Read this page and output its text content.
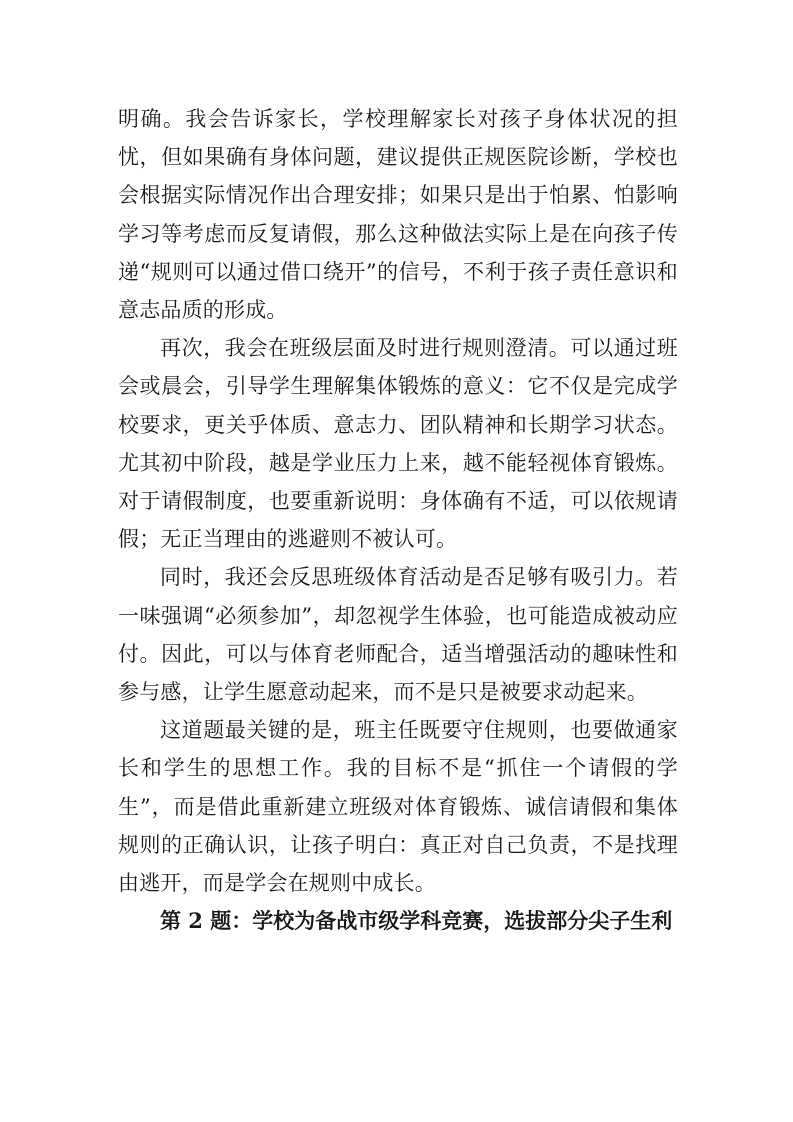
明确。我会告诉家长，学校理解家长对孩子身体状况的担忧，但如果确有身体问题，建议提供正规医院诊断，学校也会根据实际情况作出合理安排；如果只是出于怕累、怕影响学习等考虑而反复请假，那么这种做法实际上是在向孩子传递“规则可以通过借口绕开”的信号，不利于孩子责任意识和意志品质的形成。

再次，我会在班级层面及时进行规则澄清。可以通过班会或晨会，引导学生理解集体锻炼的意义：它不仅是完成学校要求，更关乎体质、意志力、团队精神和长期学习状态。尤其初中阶段，越是学业压力上来，越不能轻视体育锻炼。对于请假制度，也要重新说明：身体确有不适，可以依规请假；无正当理由的逃避则不被认可。

同时，我还会反思班级体育活动是否足够有吸引力。若一味强调“必须参加”，却忽视学生体验，也可能造成被动应付。因此，可以与体育老师配合，适当增强活动的趣味性和参与感，让学生愿意动起来，而不是只是被要求动起来。

这道题最关键的是，班主任既要守住规则，也要做通家长和学生的思想工作。我的目标不是“抓住一个请假的学生”，而是借此重新建立班级对体育锻炼、诚信请假和集体规则的正确认识，让孩子明白：真正对自己负责，不是找理由逃开，而是学会在规则中成长。

第 2 题：学校为备战市级学科竞赛，选拔部分尖子生利
